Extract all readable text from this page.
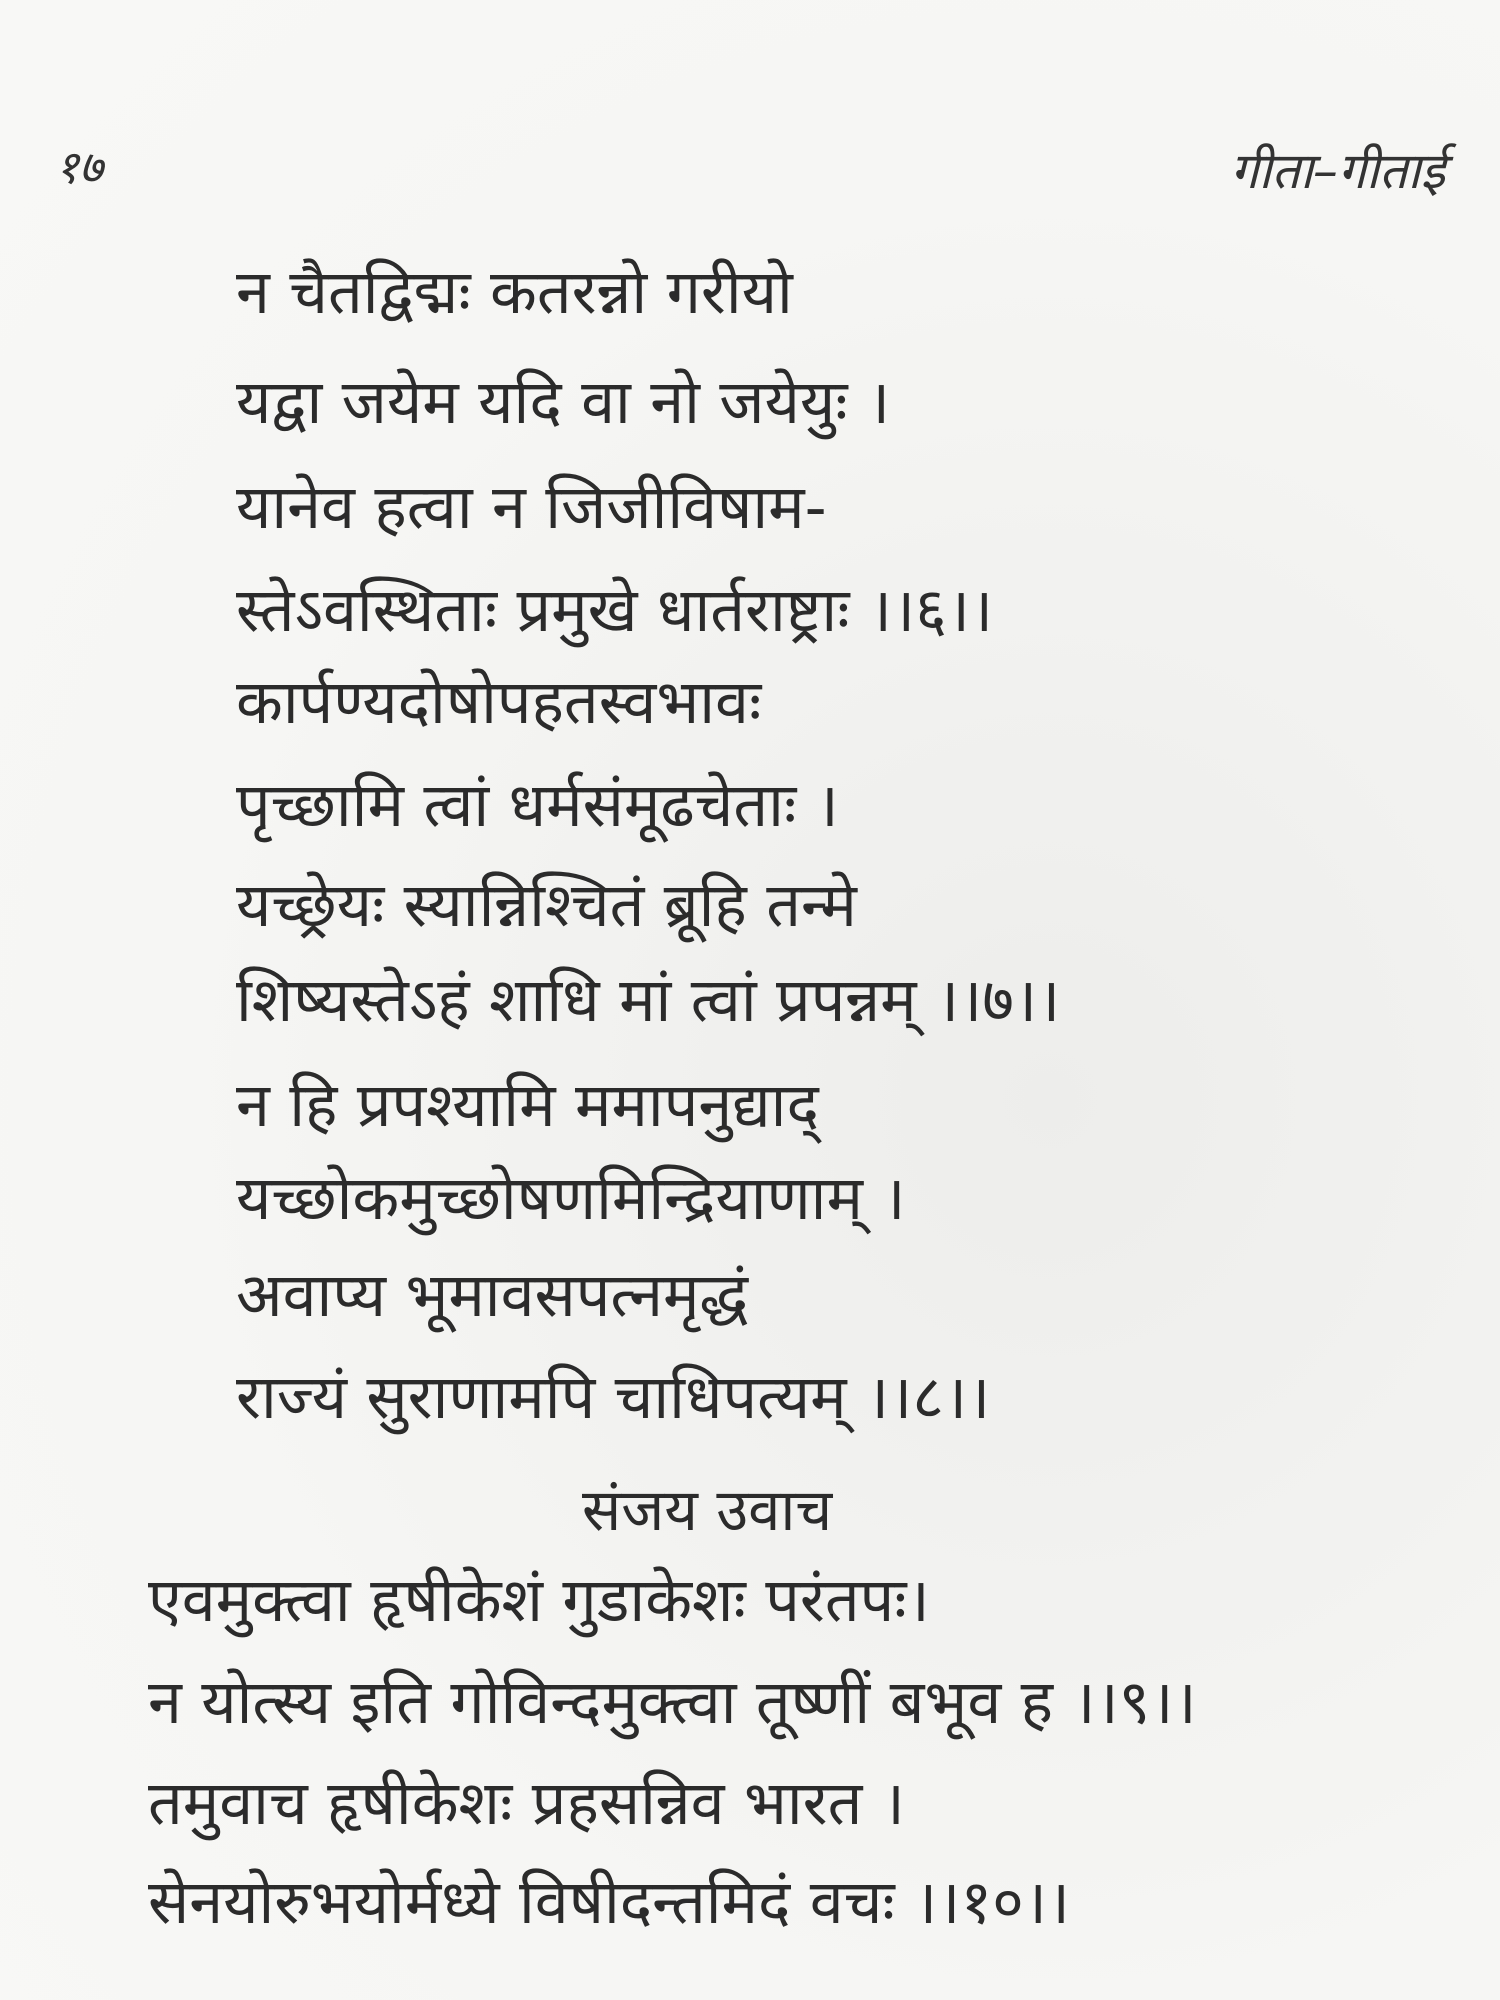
१७	गीता–गीताई
न चैतद्विद्मः कतरन्नो गरीयो
यद्वा जयेम यदि वा नो जयेयुः ।
यानेव हत्वा न जिजीविषाम-
स्तेऽवस्थिताः प्रमुखे धार्तराष्ट्राः ।।६।।
कार्पण्यदोषोपहतस्वभावः
पृच्छामि त्वां धर्मसंमूढचेताः ।
यच्छ्रेयः स्यान्निश्चितं ब्रूहि तन्मे
शिष्यस्तेऽहं शाधि मां त्वां प्रपन्नम् ।।७।।
न हि प्रपश्यामि ममापनुद्याद्
यच्छोकमुच्छोषणमिन्द्रियाणाम् ।
अवाप्य भूमावसपत्नमृद्धं
राज्यं सुराणामपि चाधिपत्यम् ।।८।।
संजय उवाच
एवमुक्त्वा हृषीकेशं गुडाकेशः परंतपः।
न योत्स्य इति गोविन्दमुक्त्वा तूष्णीं बभूव ह ।।९।।
तमुवाच हृषीकेशः प्रहसन्निव भारत ।
सेनयोरुभयोर्मध्ये विषीदन्तमिदं वचः ।।१०।।
